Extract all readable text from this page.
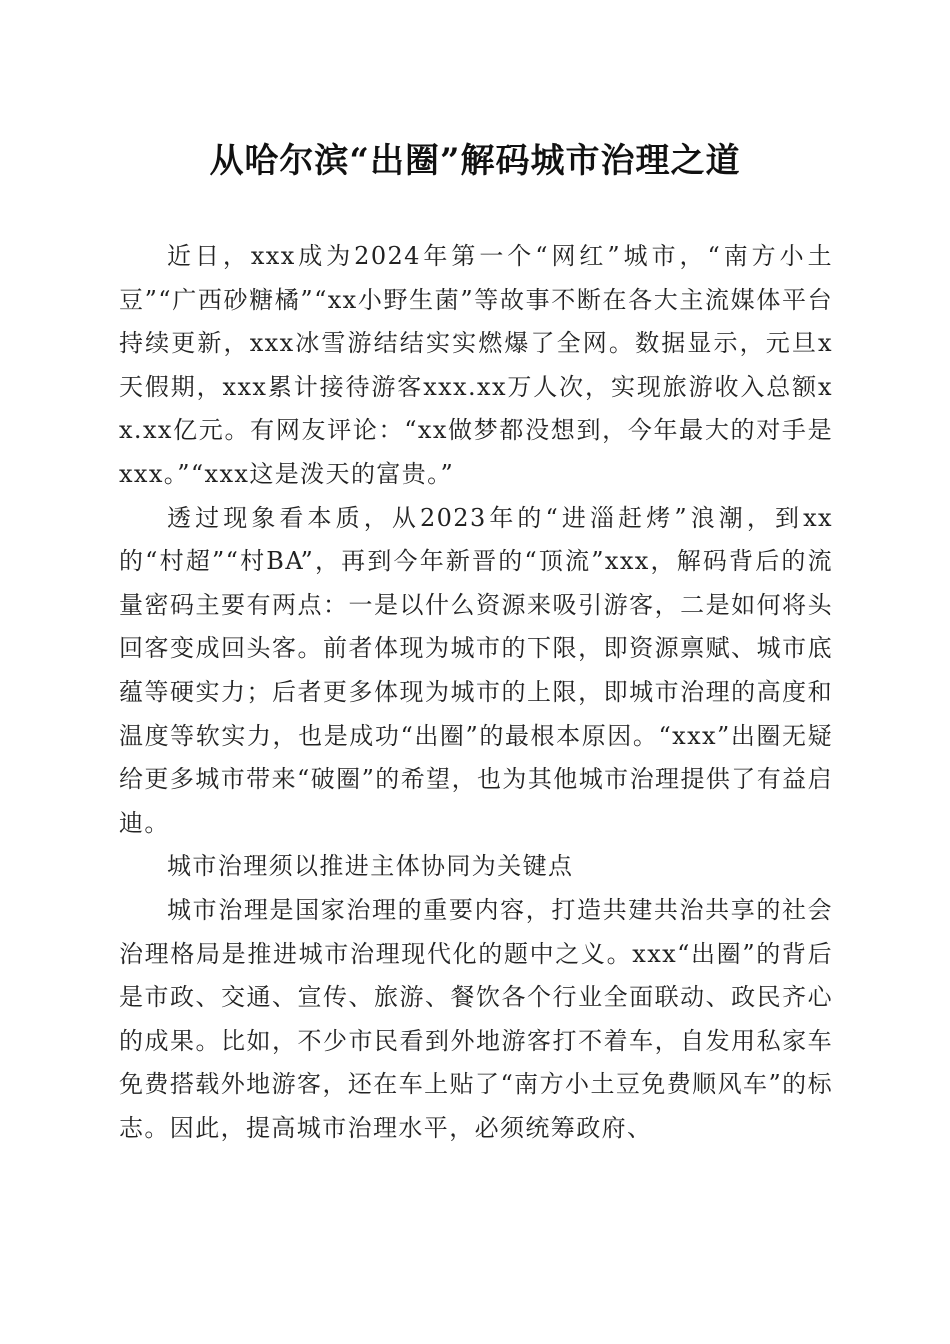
从哈尔滨“出圈”解码城市治理之道

近日，xxx成为2024年第一个“网红”城市，“南方小土豆”“广西砂糖橘”“xx小野生菌”等故事不断在各大主流媒体平台持续更新，xxx冰雪游结结实实燃爆了全网。数据显示，元旦x天假期，xxx累计接待游客xxx.xx万人次，实现旅游收入总额xx.xx亿元。有网友评论：“xx做梦都没想到，今年最大的对手是xxx。”“xxx这是泼天的富贵。”

透过现象看本质，从2023年的“进淄赶烤”浪潮，到xx的“村超”“村BA”，再到今年新晋的“顶流”xxx，解码背后的流量密码主要有两点：一是以什么资源来吸引游客，二是如何将头回客变成回头客。前者体现为城市的下限，即资源禀赋、城市底蕴等硬实力；后者更多体现为城市的上限，即城市治理的高度和温度等软实力，也是成功“出圈”的最根本原因。“xxx”出圈无疑给更多城市带来“破圈”的希望，也为其他城市治理提供了有益启迪。

城市治理须以推进主体协同为关键点

城市治理是国家治理的重要内容，打造共建共治共享的社会治理格局是推进城市治理现代化的题中之义。xxx“出圈”的背后是市政、交通、宣传、旅游、餐饮各个行业全面联动、政民齐心的成果。比如，不少市民看到外地游客打不着车，自发用私家车免费搭载外地游客，还在车上贴了“南方小土豆免费顺风车”的标志。因此，提高城市治理水平，必须统筹政府、
